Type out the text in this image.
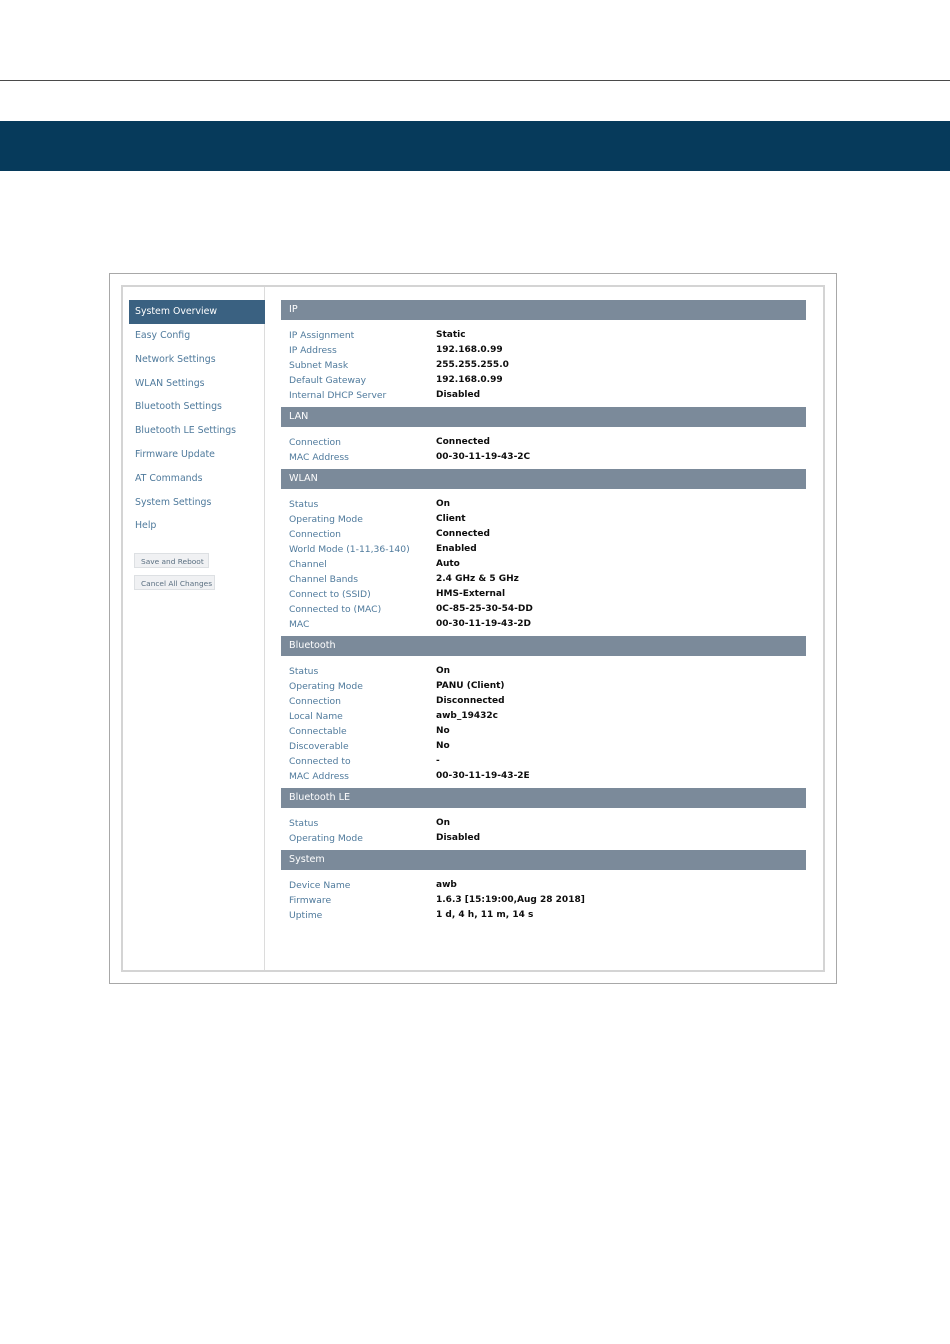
System Overview
Easy Config
Network Settings
WLAN Settings
Bluetooth Settings
Bluetooth LE Settings
Firmware Update
AT Commands
System Settings
Help
Save and Reboot
Cancel All Changes
IP
IP Assignment	Static
IP Address	192.168.0.99
Subnet Mask	255.255.255.0
Default Gateway	192.168.0.99
Internal DHCP Server	Disabled
LAN
Connection	Connected
MAC Address	00-30-11-19-43-2C
WLAN
Status	On
Operating Mode	Client
Connection	Connected
World Mode (1-11,36-140)	Enabled
Channel	Auto
Channel Bands	2.4 GHz & 5 GHz
Connect to (SSID)	HMS-External
Connected to (MAC)	0C-85-25-30-54-DD
MAC	00-30-11-19-43-2D
Bluetooth
Status	On
Operating Mode	PANU (Client)
Connection	Disconnected
Local Name	awb_19432c
Connectable	No
Discoverable	No
Connected to	-
MAC Address	00-30-11-19-43-2E
Bluetooth LE
Status	On
Operating Mode	Disabled
System
Device Name	awb
Firmware	1.6.3 [15:19:00,Aug 28 2018]
Uptime	1 d, 4 h, 11 m, 14 s
